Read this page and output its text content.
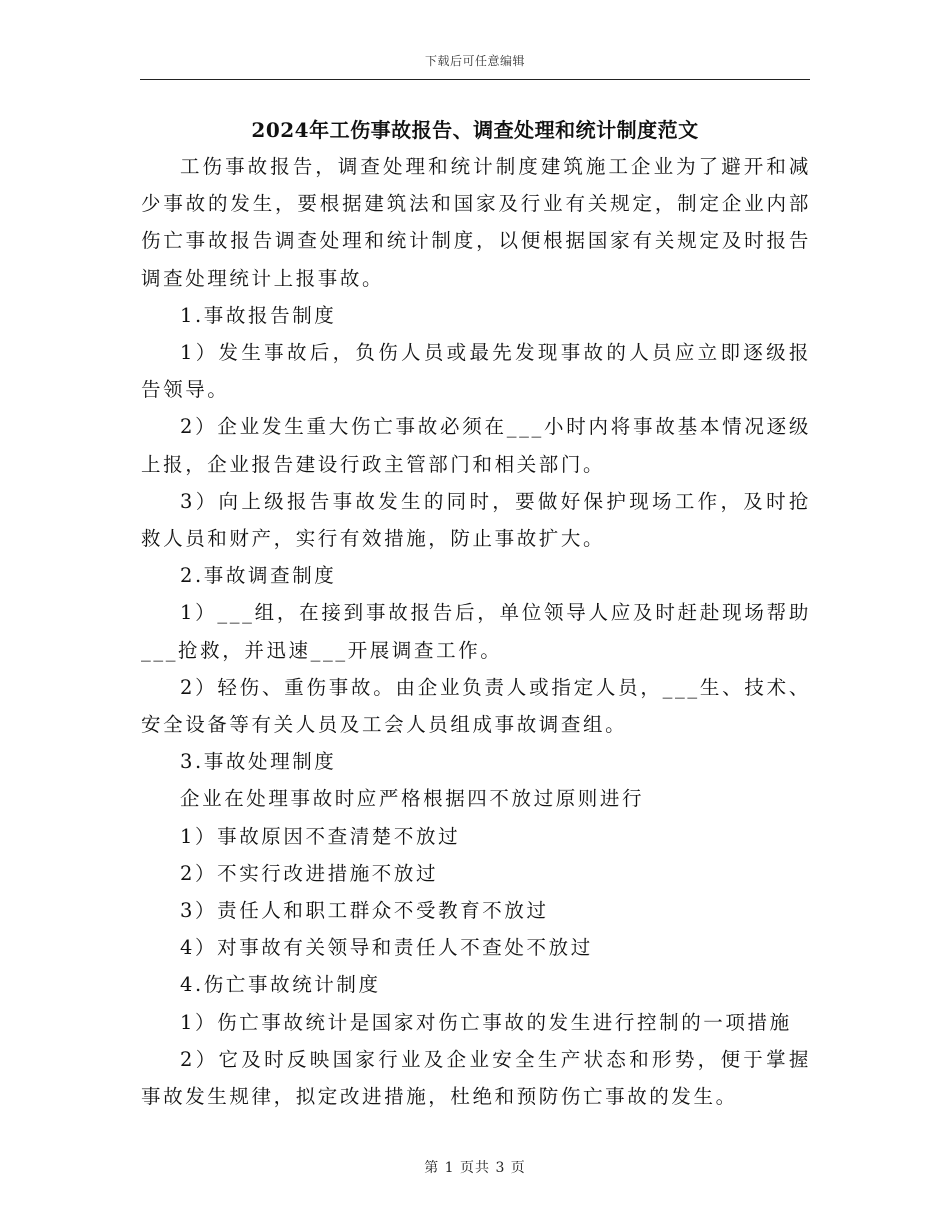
下载后可任意编辑
2024年工伤事故报告、调查处理和统计制度范文

工伤事故报告，调查处理和统计制度建筑施工企业为了避开和减少事故的发生，要根据建筑法和国家及行业有关规定，制定企业内部伤亡事故报告调查处理和统计制度，以便根据国家有关规定及时报告调查处理统计上报事故。

1.事故报告制度

1）发生事故后，负伤人员或最先发现事故的人员应立即逐级报告领导。

2）企业发生重大伤亡事故必须在___小时内将事故基本情况逐级上报，企业报告建设行政主管部门和相关部门。

3）向上级报告事故发生的同时，要做好保护现场工作，及时抢救人员和财产，实行有效措施，防止事故扩大。

2.事故调查制度

1）___组，在接到事故报告后，单位领导人应及时赶赴现场帮助___抢救，并迅速___开展调查工作。

2）轻伤、重伤事故。由企业负责人或指定人员，___生、技术、安全设备等有关人员及工会人员组成事故调查组。

3.事故处理制度

企业在处理事故时应严格根据四不放过原则进行

1）事故原因不查清楚不放过

2）不实行改进措施不放过

3）责任人和职工群众不受教育不放过

4）对事故有关领导和责任人不查处不放过

4.伤亡事故统计制度

1）伤亡事故统计是国家对伤亡事故的发生进行控制的一项措施

2）它及时反映国家行业及企业安全生产状态和形势，便于掌握事故发生规律，拟定改进措施，杜绝和预防伤亡事故的发生。

第 1 页共 3 页
